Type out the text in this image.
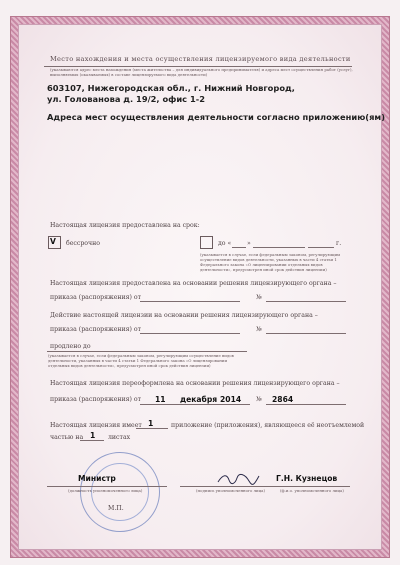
Место нахождения и места осуществления лицензируемого вида деятельности
(указываются адрес места нахождения (места жительства – для индивидуального предпринимателя) и адреса мест осуществления работ (услуг),
выполняемых (оказываемых) в составе лицензируемого вида деятельности)
603107, Нижегородская обл., г. Нижний Новгород,
ул. Голованова д. 19/2, офис 1-2
Адреса мест осуществления деятельности согласно приложению(ям)
Настоящая лицензия предоставлена на срок:
V бессрочно	до «	»	г.
(указывается в случае, если федеральным законом, регулирующим
осуществление видов деятельности, указанных в части 4 статьи 1
Федерального закона «О лицензировании отдельных видов
деятельности», предусмотрен иной срок действия лицензии)
Настоящая лицензия предоставлена на основании решения лицензирующего органа –
приказа (распоряжения) от	№
Действие настоящей лицензии на основании решения лицензирующего органа –
приказа (распоряжения) от	№
продлено до
(указывается в случае, если федеральным законом, регулирующим осуществление видов
деятельности, указанных в части 4 статьи 1 Федерального закона «О лицензировании
отдельных видов деятельности», предусмотрен иной срок действия лицензии)
Настоящая лицензия переоформлена на основании решения лицензирующего органа –
приказа (распоряжения) от 11 декабря 2014 № 2864
Настоящая лицензия имеет 1	приложение (приложения), являющееся её неотъемлемой
частью на 1 листах
Министр
(должность уполномоченного лица)	(подпись уполномоченного лица)
Г.Н. Кузнецов
(ф.и.о. уполномоченного лица)
М.П.
